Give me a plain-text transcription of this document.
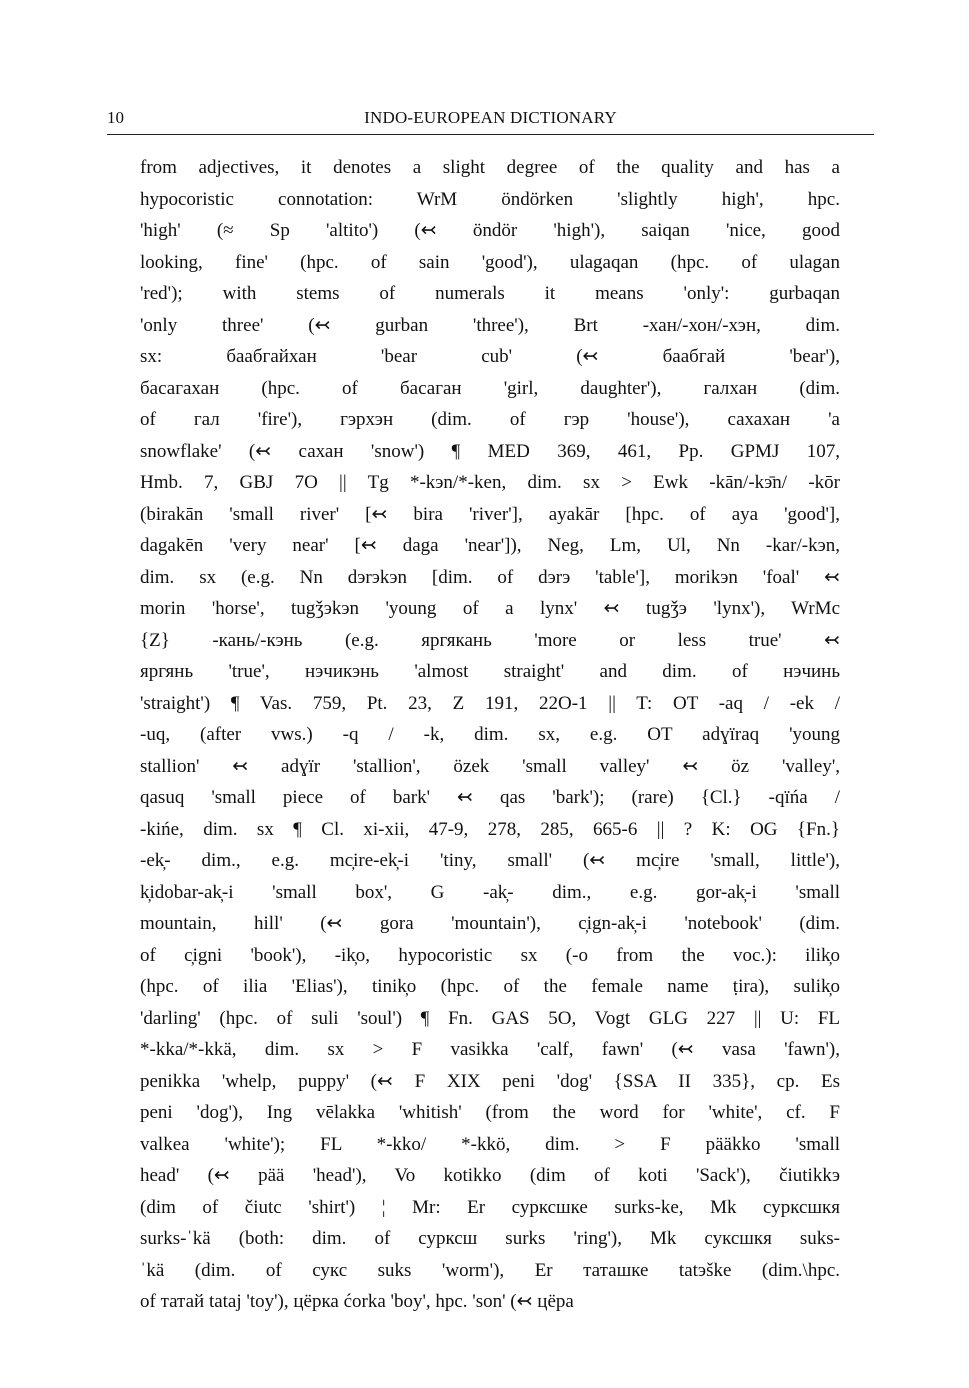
10	INDO-EUROPEAN DICTIONARY
from adjectives, it denotes a slight degree of the quality and has a
hypocoristic connotation: WrM öndörken 'slightly high', hpc.
'high' (≈ Sp 'altito') (↢ öndör 'high'), saiqan 'nice, good
looking, fine' (hpc. of sain 'good'), ulagaqan (hpc. of ulagan
'red'); with stems of numerals it means 'only': gurbaqan
'only three' (↢ gurban 'three'), Brt -хан/-хон/-хэн, dim.
sx: баабгайхан 'bear cub' (↢ баабгай 'bear'),
басагахан (hpc. of басаган 'girl, daughter'), галхан (dim.
of гал 'fire'), гэрхэн (dim. of гэр 'house'), сахахан 'a
snowflake' (↢ сахан 'snow') ¶ MED 369, 461, Pp. GPMJ 107,
Hmb. 7, GBJ 7O || Tg *-kэn/*-ken, dim. sx > Ewk -kān/-kэ̄n/ -kōr
(birakān 'small river' [↢ bira 'river'], ayakār [hpc. of aya 'good'],
dagakēn 'very near' [↢ daga 'near']), Neg, Lm, Ul, Nn -kar/-kэn,
dim. sx (e.g. Nn dэrэkэn [dim. of dэrэ 'table'], morikэn 'foal' ↢
morin 'horse', tugǯэkэn 'young of a lynx' ↢ tugǯэ 'lynx'), WrMc
{Z} -кань/-кэнь (e.g. яргякань 'more or less true' ↢
яргянь 'true', нэчикэнь 'almost straight' and dim. of нэчинь
'straight') ¶ Vas. 759, Pt. 23, Z 191, 22O-1 || T: OT -aq / -ek /
-uq, (after vws.) -q / -k, dim. sx, e.g. OT adɣïraq 'young
stallion' ↢ adɣïr 'stallion', özek 'small valley' ↢ öz 'valley',
qasuq 'small piece of bark' ↢ qas 'bark'); (rare) {Cl.} -qïńa /
-kińe, dim. sx ¶ Cl. xi-xii, 47-9, 278, 285, 665-6 || ? K: OG {Fn.}
-ek̦- dim., e.g. mc̦ire-ek̦-i 'tiny, small' (↢ mc̦ire 'small, little'),
k̦idobar-ak̦-i 'small box', G -ak̦- dim., e.g. gor-ak̦-i 'small
mountain, hill' (↢ gora 'mountain'), c̦ign-ak̦-i 'notebook' (dim.
of c̦igni 'book'), -ik̦o, hypocoristic sx (-o from the voc.): ilik̦o
(hpc. of ilia 'Elias'), tinik̦o (hpc. of the female name ṭira), sulik̦o
'darling' (hpc. of suli 'soul') ¶ Fn. GAS 5O, Vogt GLG 227 || U: FL
*-kka/*-kkä, dim. sx > F vasikka 'calf, fawn' (↢ vasa 'fawn'),
penikka 'whelp, puppy' (↢ F XIX peni 'dog' {SSA II 335}, cp. Es
peni 'dog'), Ing vēlakka 'whitish' (from the word for 'white', cf. F
valkea 'white'); FL *-kko/ *-kkö, dim. > F pääkko 'small
head' (↢ pää 'head'), Vo kotikko (dim of koti 'Sack'), čiutikkэ
(dim of čiutc 'shirt') ¦ Mr: Er сурксшке surks-ke, Mk сурксшкя
surks-ˈkä (both: dim. of сурксш surks 'ring'), Mk суксшкя suks-
ˈkä (dim. of сукс suks 'worm'), Er таташке tatэške (dim.\hpc.
of татай tataj 'toy'), цёрка ćorka 'boy', hpc. 'son' (↢ цёра
